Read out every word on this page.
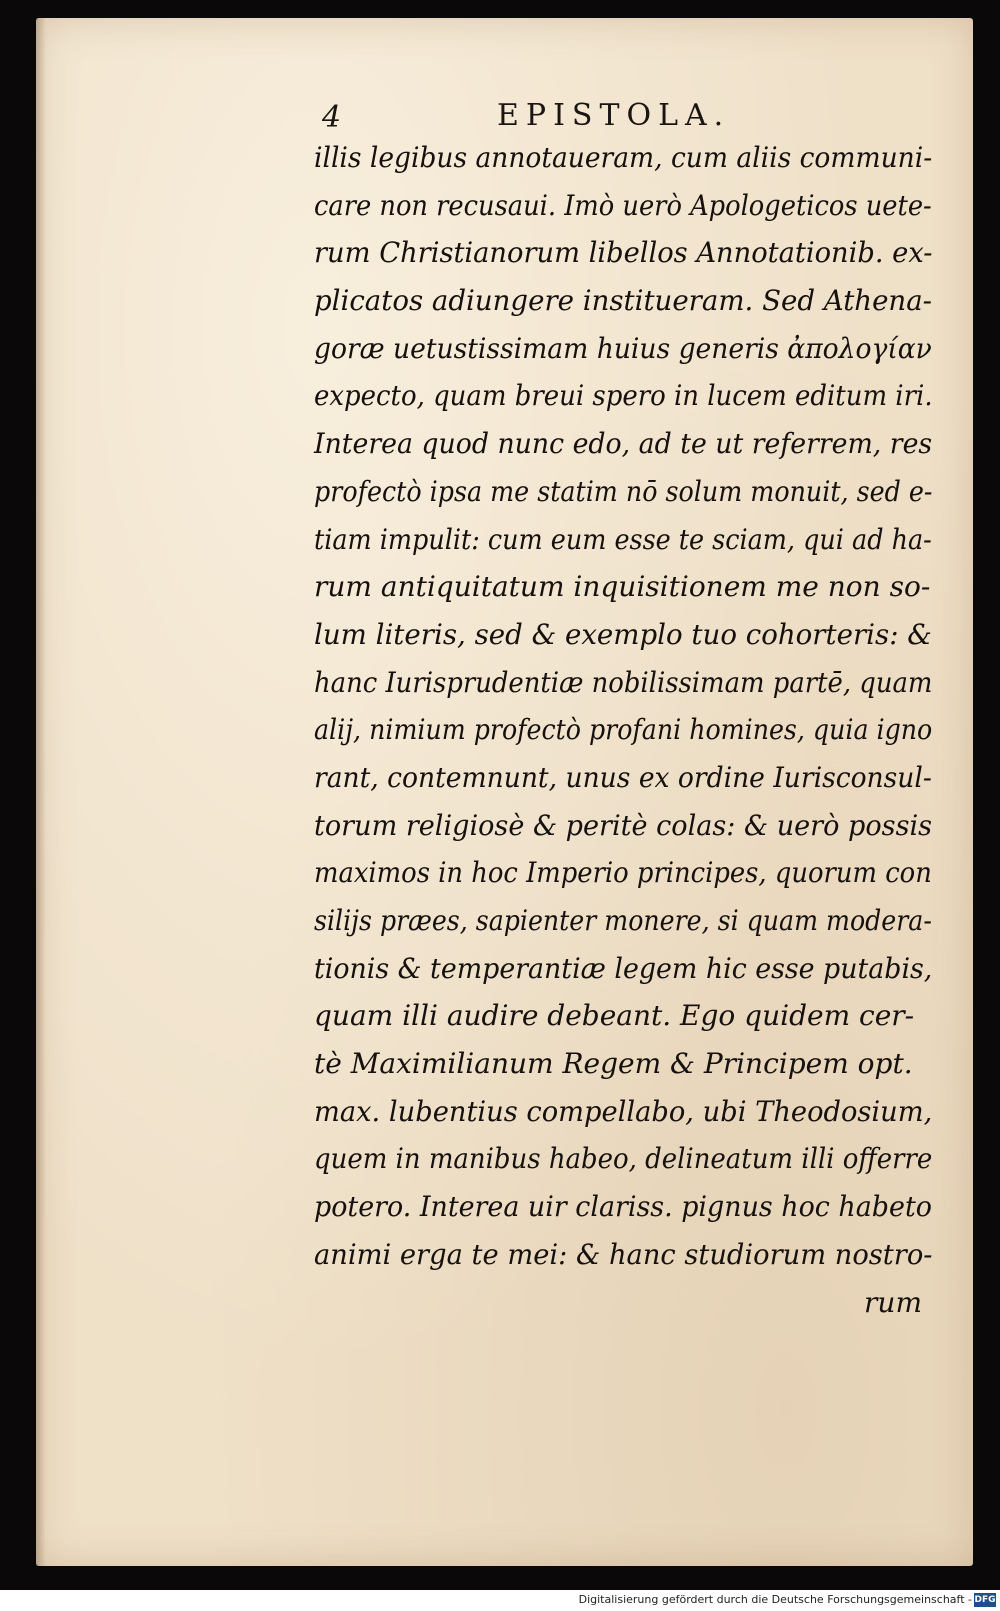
4	EPISTOLA.
illis legibus annotaueram, cum aliis communi-
care non recusaui. Imò uerò Apologeticos uete-
rum Christianorum libellos Annotationib. ex-
plicatos adiungere institueram. Sed Athena-
goræ uetustissimam huius generis ἀπολογίαν
expecto, quam breui spero in lucem editum iri.
Interea quod nunc edo, ad te ut referrem, res
profectò ipsa me statim nō solum monuit, sed e-
tiam impulit: cum eum esse te sciam, qui ad ha-
rum antiquitatum inquisitionem me non so-
lum literis, sed & exemplo tuo cohorteris: &
hanc Iurisprudentiæ nobilissimam partē, quam
alij, nimium profectò profani homines, quia igno
rant, contemnunt, unus ex ordine Iurisconsul-
torum religiosè & peritè colas: & uerò possis
maximos in hoc Imperio principes, quorum con
silijs præes, sapienter monere, si quam modera-
tionis & temperantiæ legem hic esse putabis,
quam illi audire debeant. Ego quidem cer-
tè Maximilianum Regem & Principem opt.
max. lubentius compellabo, ubi Theodosium,
quem in manibus habeo, delineatum illi offerre
potero. Interea uir clariss. pignus hoc habeto
animi erga te mei: & hanc studiorum nostro-
rum
Digitalisierung gefördert durch die Deutsche Forschungsgemeinschaft - DFG
